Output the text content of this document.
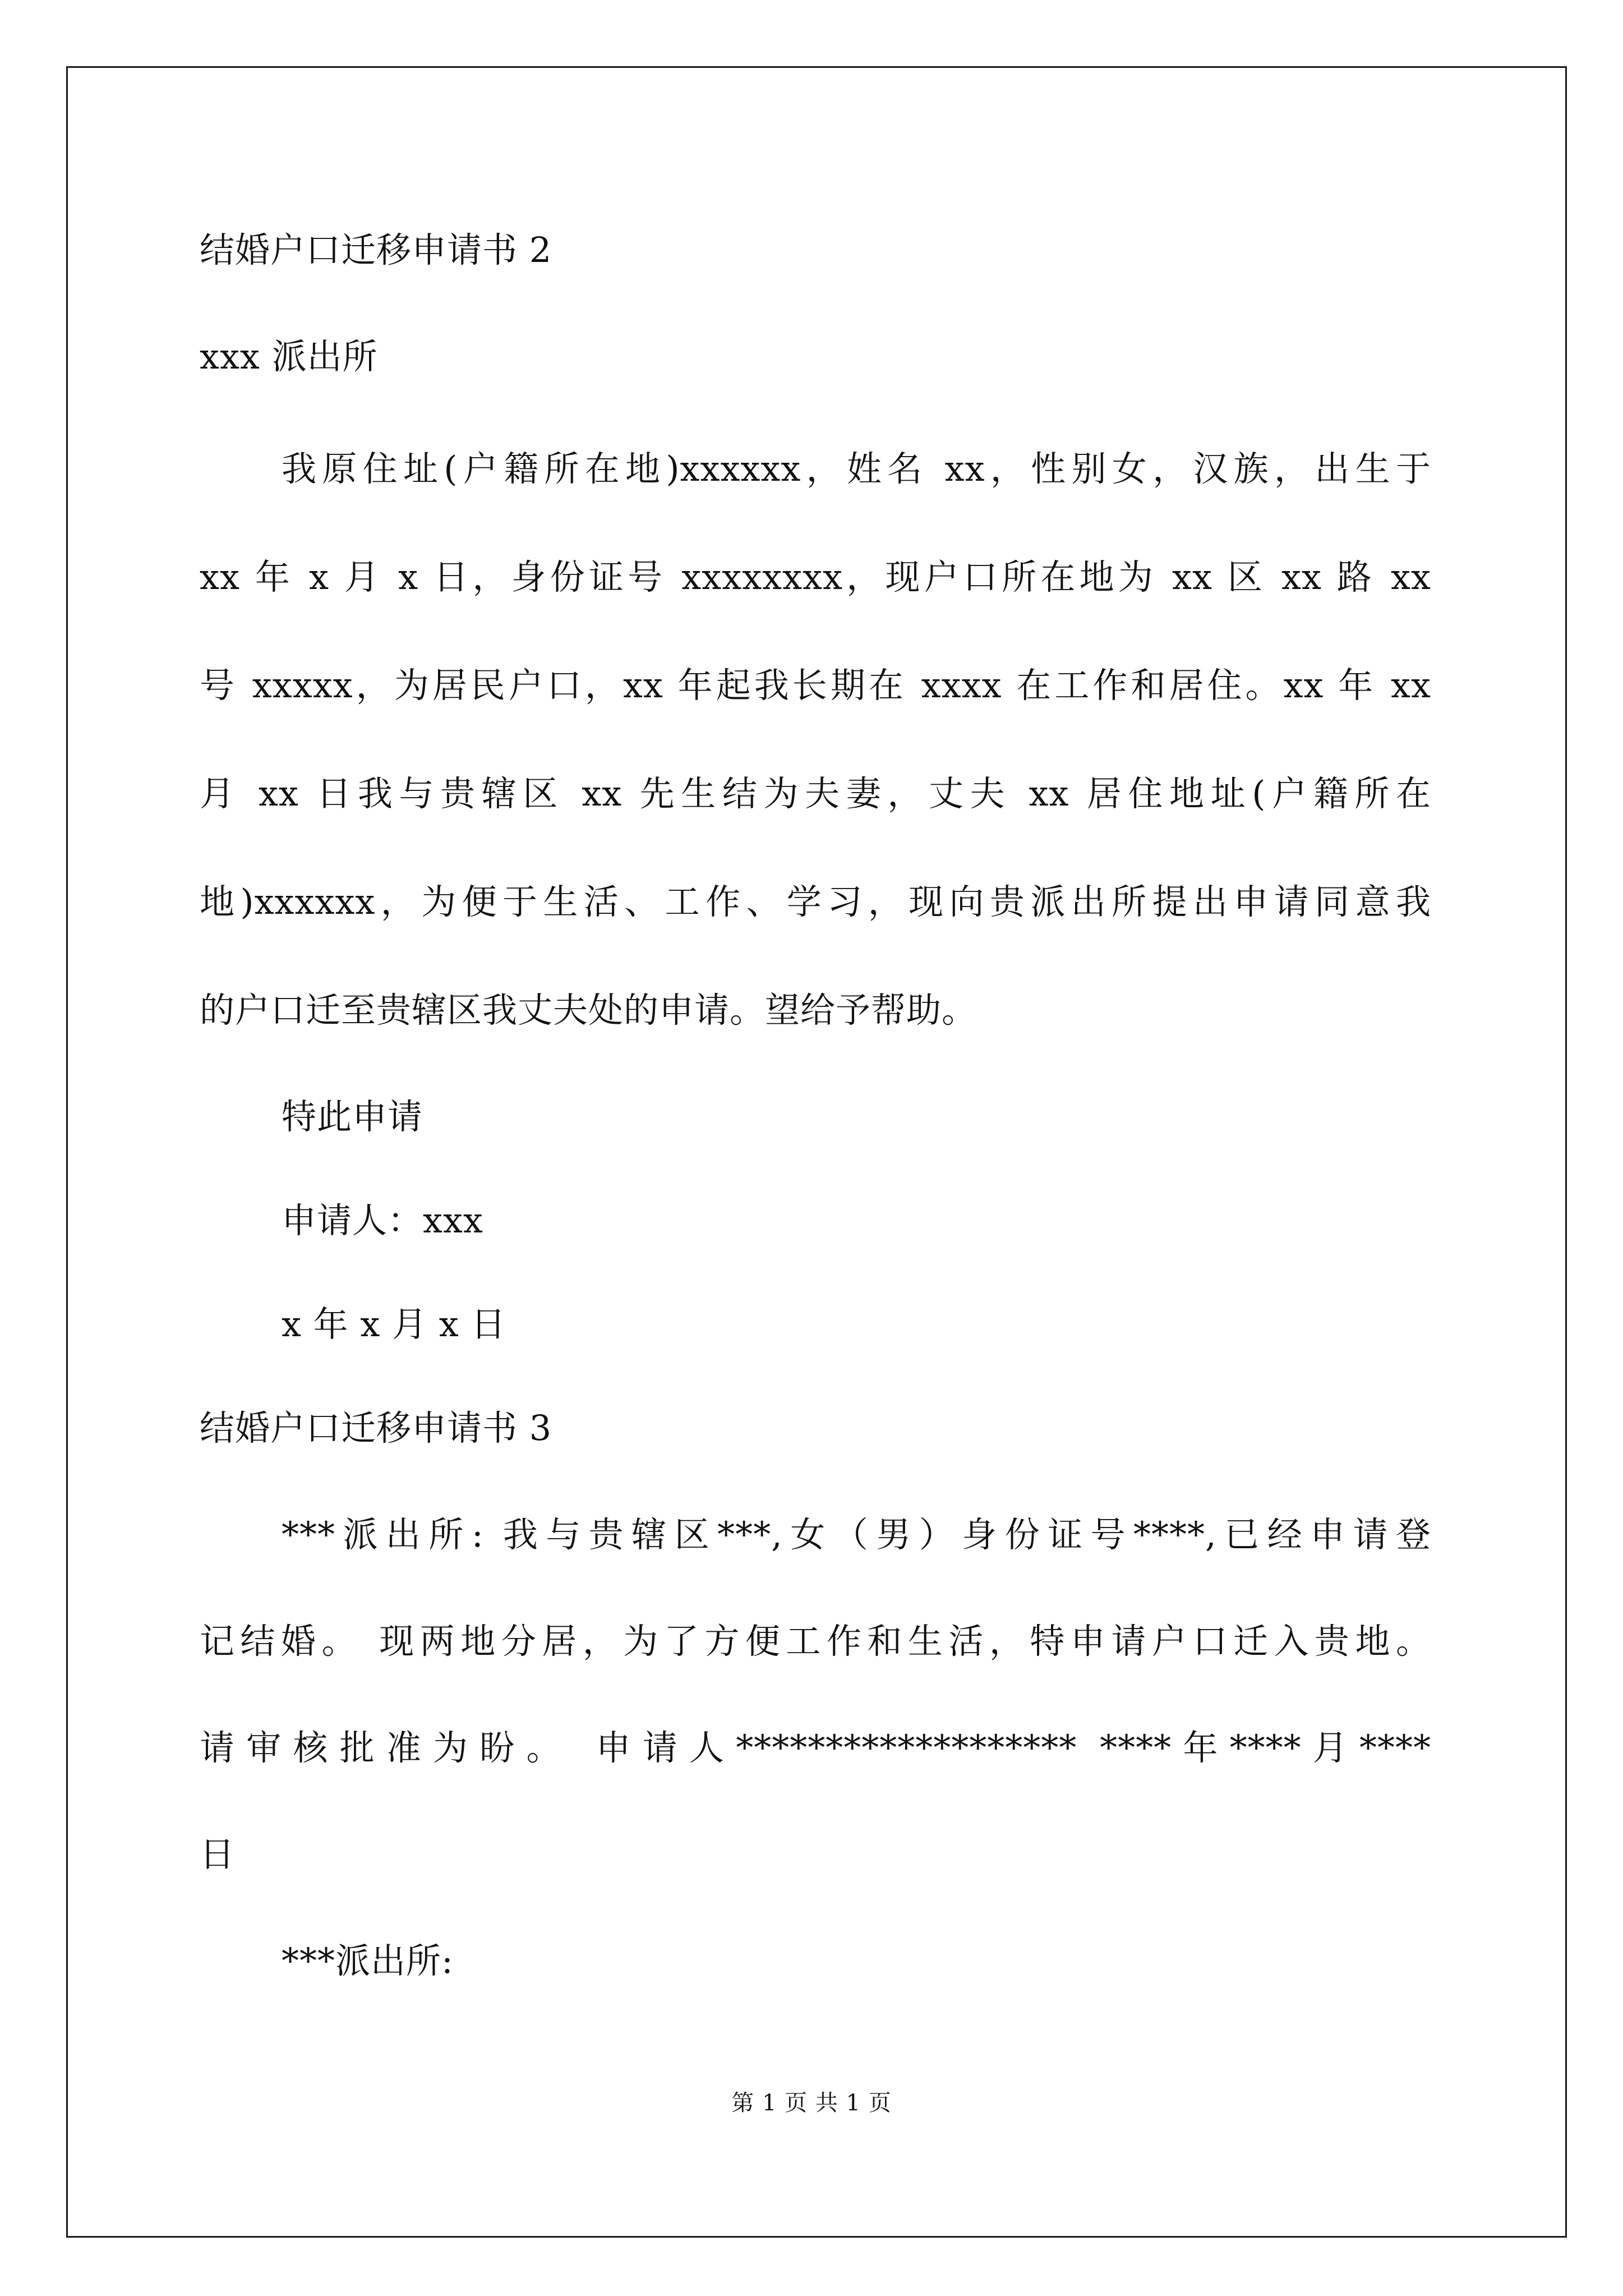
结婚户口迁移申请书 2
xxx 派出所
我原住址(户籍所在地)xxxxxx，姓名 xx，性别女，汉族，出生于
xx 年 x 月 x 日，身份证号 xxxxxxxx，现户口所在地为 xx 区 xx 路 xx
号 xxxxx，为居民户口，xx 年起我长期在 xxxx 在工作和居住。xx 年 xx
月 xx 日我与贵辖区 xx 先生结为夫妻，丈夫 xx 居住地址(户籍所在
地)xxxxxx，为便于生活、工作、学习，现向贵派出所提出申请同意我
的户口迁至贵辖区我丈夫处的申请。望给予帮助。
特此申请
申请人：xxx
x 年 x 月 x 日
结婚户口迁移申请书 3
***派出所: 我与贵辖区***,女（男）身份证号****,已经申请登
记结婚。 现两地分居，为了方便工作和生活，特申请户口迁入贵地。
请审核批准为盼。 申请人******************* ****年****月****
日
***派出所:
第 1 页 共 1 页
